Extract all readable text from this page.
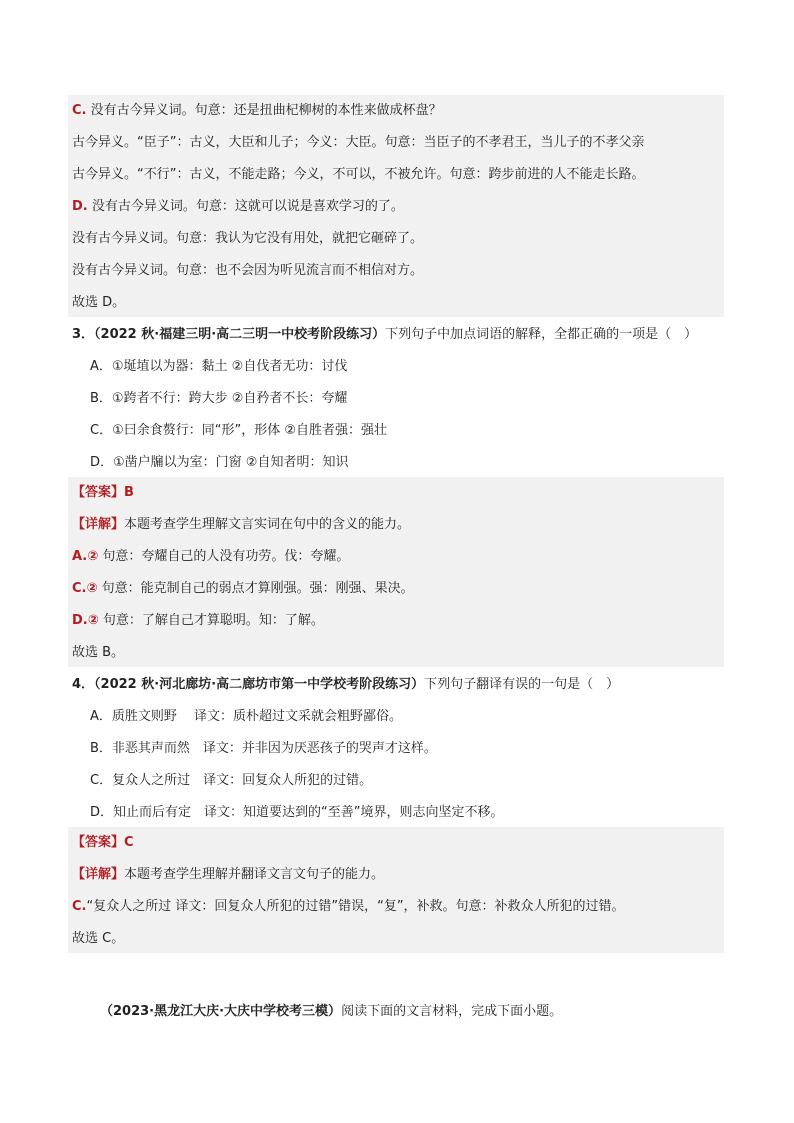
C. 没有古今异义词。句意：还是扭曲杞柳树的本性来做成杯盘？
古今异义。“臣子”：古义，大臣和儿子；今义：大臣。句意：当臣子的不孝君王，当儿子的不孝父亲
古今异义。“不行”：古义，不能走路；今义，不可以，不被允许。句意：跨步前进的人不能走长路。
D. 没有古今异义词。句意：这就可以说是喜欢学习的了。
没有古今异义词。句意：我认为它没有用处，就把它砸碎了。
没有古今异义词。句意：也不会因为听见流言而不相信对方。
故选 D。
3．（2022 秋·福建三明·高二三明一中校考阶段练习）下列句子中加点词语的解释，全都正确的一项是（　）
A．①埏埴以为器：黏土 ②自伐者无功：讨伐
B．①跨者不行：跨大步 ②自矜者不长：夸耀
C．①曰余食赘行：同“形”，形体 ②自胜者强：强壮
D．①凿户牖以为室：门窗 ②自知者明：知识
【答案】B
【详解】本题考查学生理解文言实词在句中的含义的能力。
A.② 句意：夸耀自己的人没有功劳。伐：夸耀。
C.② 句意：能克制自己的弱点才算刚强。强：刚强、果决。
D.② 句意：了解自己才算聪明。知：了解。
故选 B。
4．（2022 秋·河北廊坊·高二廊坊市第一中学校考阶段练习）下列句子翻译有误的一句是（　）
A．质胜文则野　 译文：质朴超过文采就会粗野鄙俗。
B．非恶其声而然　译文：并非因为厌恶孩子的哭声才这样。
C．复众人之所过　译文：回复众人所犯的过错。
D．知止而后有定　译文：知道要达到的“至善”境界，则志向坚定不移。
【答案】C
【详解】本题考查学生理解并翻译文言文句子的能力。
C.“复众人之所过 译文：回复众人所犯的过错”错误，“复”，补救。句意：补救众人所犯的过错。
故选 C。
（2023·黑龙江大庆·大庆中学校考三模）阅读下面的文言材料，完成下面小题。
